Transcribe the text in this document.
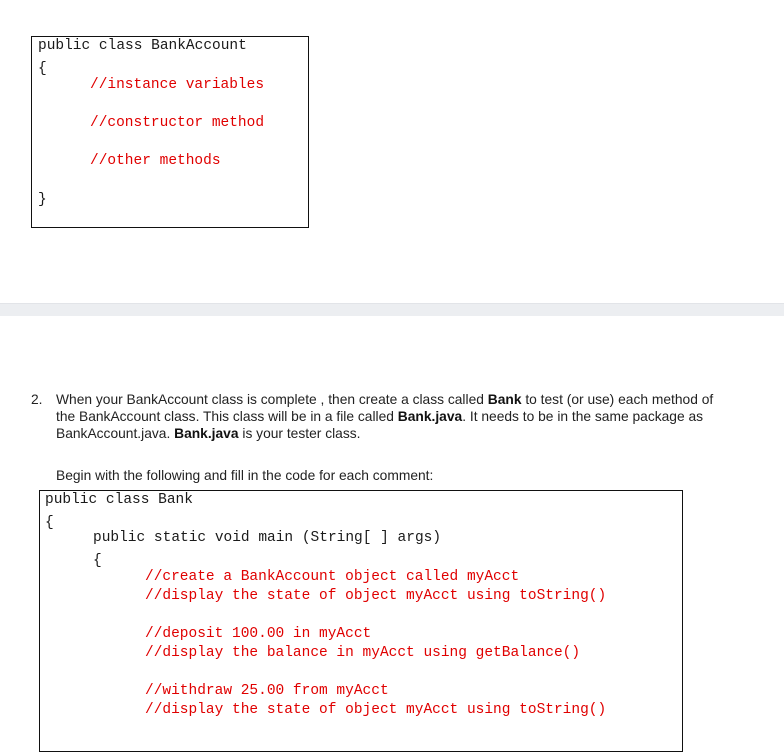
public class BankAccount
{
//instance variables
//constructor method
//other methods
}
2. When your BankAccount class is complete , then create a class called Bank to test (or use) each method of
the BankAccount class. This class will be in a file called Bank.java. It needs to be in the same package as
BankAccount.java. Bank.java is your tester class.
Begin with the following and fill in the code for each comment:
public class Bank
{
public static void main (String[ ] args)
{
//create a BankAccount object called myAcct
//display the state of object myAcct using toString()
//deposit 100.00 in myAcct
//display the balance in myAcct using getBalance()
//withdraw 25.00 from myAcct
//display the state of object myAcct using toString()
